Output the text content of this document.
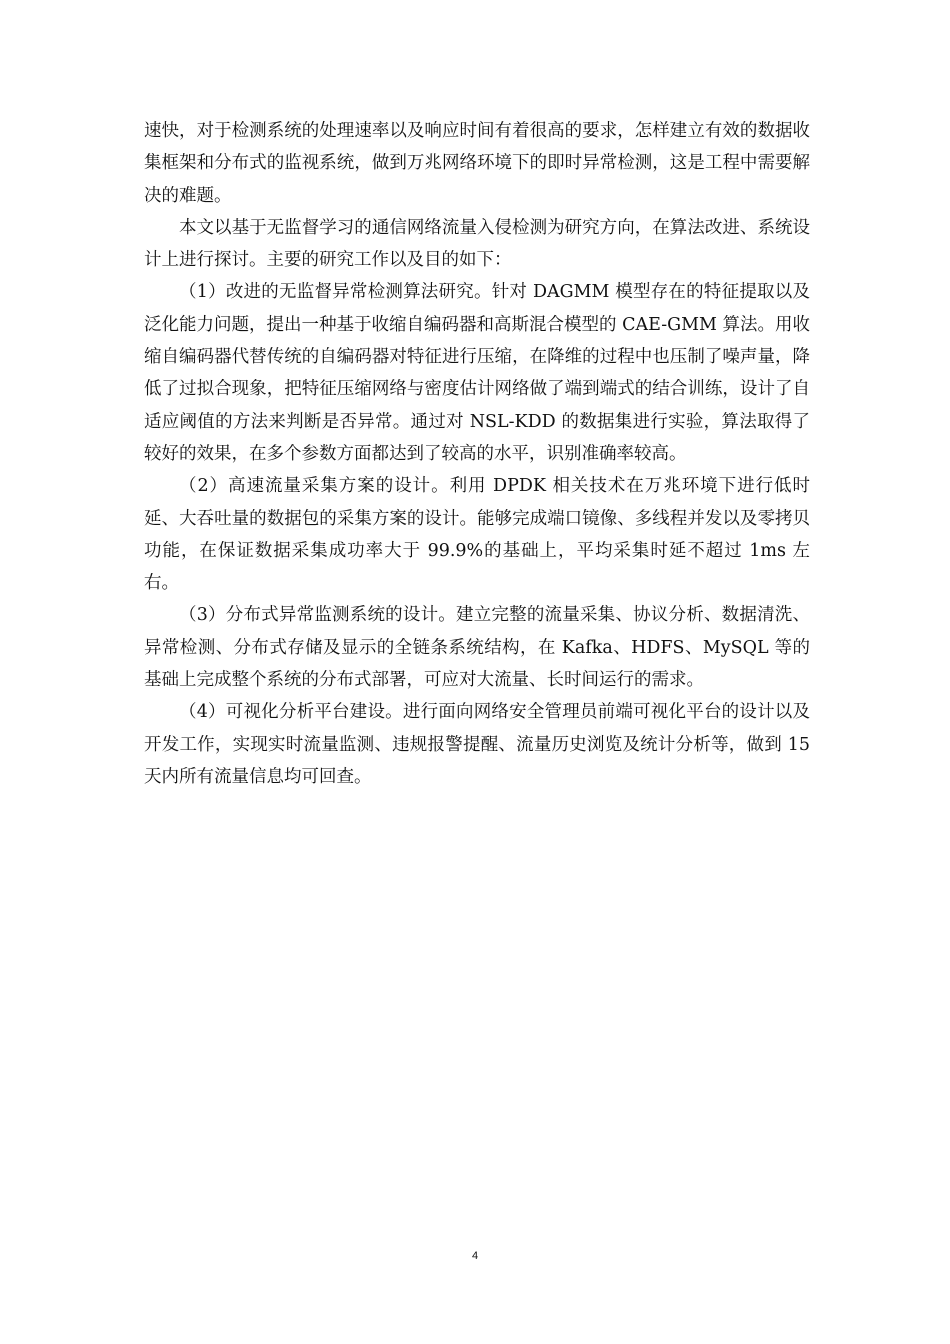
速快，对于检测系统的处理速率以及响应时间有着很高的要求，怎样建立有效的数据收集框架和分布式的监视系统，做到万兆网络环境下的即时异常检测，这是工程中需要解决的难题。

本文以基于无监督学习的通信网络流量入侵检测为研究方向，在算法改进、系统设计上进行探讨。主要的研究工作以及目的如下：

（1）改进的无监督异常检测算法研究。针对 DAGMM 模型存在的特征提取以及泛化能力问题，提出一种基于收缩自编码器和高斯混合模型的 CAE-GMM 算法。用收缩自编码器代替传统的自编码器对特征进行压缩，在降维的过程中也压制了噪声量，降低了过拟合现象，把特征压缩网络与密度估计网络做了端到端式的结合训练，设计了自适应阈值的方法来判断是否异常。通过对 NSL-KDD 的数据集进行实验，算法取得了较好的效果，在多个参数方面都达到了较高的水平，识别准确率较高。

（2）高速流量采集方案的设计。利用 DPDK 相关技术在万兆环境下进行低时延、大吞吐量的数据包的采集方案的设计。能够完成端口镜像、多线程并发以及零拷贝功能，在保证数据采集成功率大于 99.9%的基础上，平均采集时延不超过 1ms 左右。

（3）分布式异常监测系统的设计。建立完整的流量采集、协议分析、数据清洗、异常检测、分布式存储及显示的全链条系统结构，在 Kafka、HDFS、MySQL 等的基础上完成整个系统的分布式部署，可应对大流量、长时间运行的需求。

（4）可视化分析平台建设。进行面向网络安全管理员前端可视化平台的设计以及开发工作，实现实时流量监测、违规报警提醒、流量历史浏览及统计分析等，做到 15 天内所有流量信息均可回查。

4
